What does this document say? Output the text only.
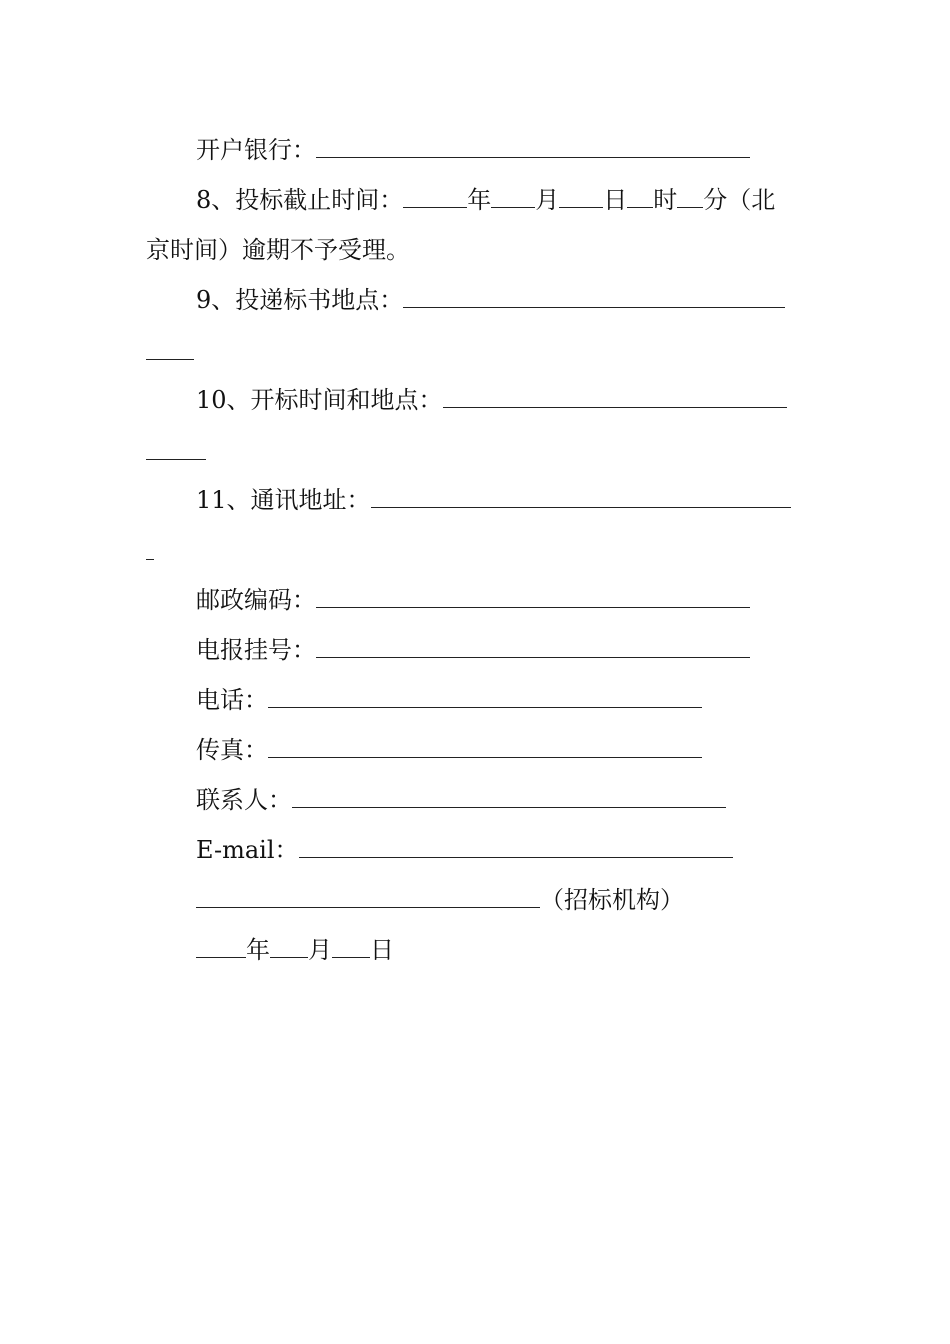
开户银行：
8、投标截止时间：	年 月 日 时 分（北
京时间）逾期不予受理。
9、投递标书地点：
10、开标时间和地点：
11、通讯地址：
邮政编码：
电报挂号：
电话：
传真：
联系人：
E-mail：
（招标机构）
年 月 日
